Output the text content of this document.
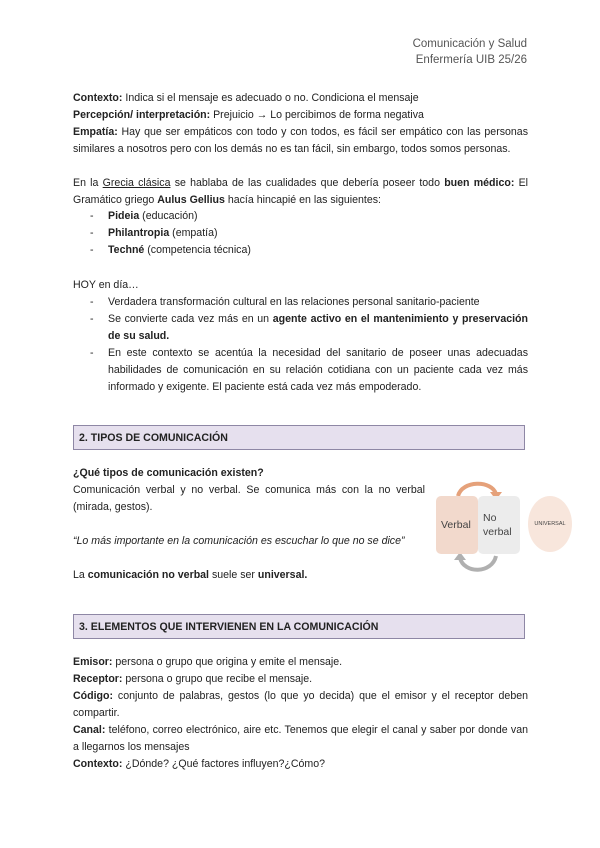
Comunicación y Salud
Enfermería UIB 25/26
Contexto: Indica si el mensaje es adecuado o no. Condiciona el mensaje
Percepción/ interpretación: Prejuicio → Lo percibimos de forma negativa
Empatía: Hay que ser empáticos con todo y con todos, es fácil ser empático con las personas similares a nosotros pero con los demás no es tan fácil, sin embargo, todos somos personas.
En la Grecia clásica se hablaba de las cualidades que debería poseer todo buen médico: El Gramático griego Aulus Gellius hacía hincapié en las siguientes:
- Pideia (educación)
- Philantropia (empatía)
- Techné (competencia técnica)
HOY en día…
- Verdadera transformación cultural en las relaciones personal sanitario-paciente
- Se convierte cada vez más en un agente activo en el mantenimiento y preservación de su salud.
- En este contexto se acentúa la necesidad del sanitario de poseer unas adecuadas habilidades de comunicación en su relación cotidiana con un paciente cada vez más informado y exigente. El paciente está cada vez más empoderado.
2. TIPOS DE COMUNICACIÓN
¿Qué tipos de comunicación existen?
Comunicación verbal y no verbal. Se comunica más con la no verbal (mirada, gestos).
“Lo más importante en la comunicación es escuchar lo que no se dice”
La comunicación no verbal suele ser universal.
Verbal
No verbal
UNIVERSAL
3. ELEMENTOS QUE INTERVIENEN EN LA COMUNICACIÓN
Emisor: persona o grupo que origina y emite el mensaje.
Receptor: persona o grupo que recibe el mensaje.
Código: conjunto de palabras, gestos (lo que yo decida) que el emisor y el receptor deben compartir.
Canal: teléfono, correo electrónico, aire etc. Tenemos que elegir el canal y saber por donde van a llegarnos los mensajes
Contexto: ¿Dónde? ¿Qué factores influyen?¿Cómo?
